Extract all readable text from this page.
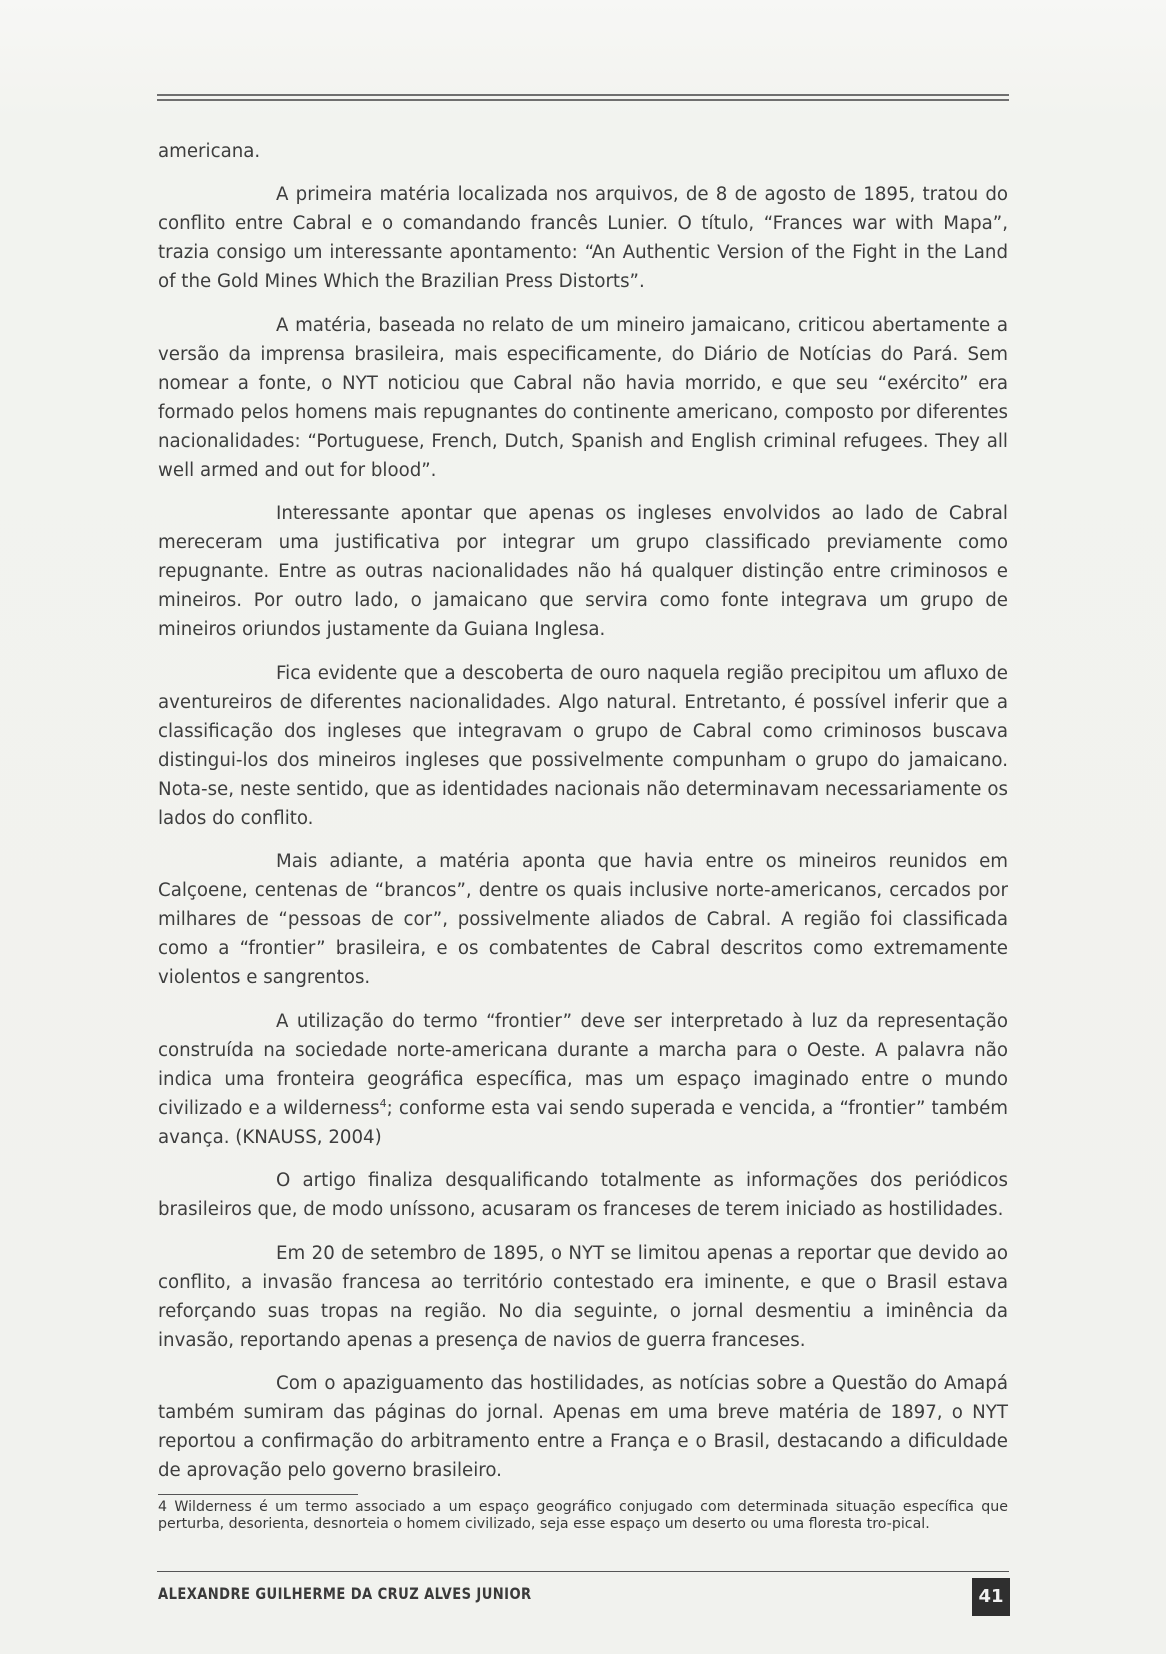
americana.

A primeira matéria localizada nos arquivos, de 8 de agosto de 1895, tratou do conflito entre Cabral e o comandando francês Lunier. O título, “Frances war with Mapa”, trazia consigo um interessante apontamento: “An Authentic Version of the Fight in the Land of the Gold Mines Which the Brazilian Press Distorts”.

A matéria, baseada no relato de um mineiro jamaicano, criticou abertamente a versão da imprensa brasileira, mais especificamente, do Diário de Notícias do Pará. Sem nomear a fonte, o NYT noticiou que Cabral não havia morrido, e que seu “exército” era formado pelos homens mais repugnantes do continente americano, composto por diferentes nacionalidades: “Portuguese, French, Dutch, Spanish and English criminal refugees. They all well armed and out for blood”.

Interessante apontar que apenas os ingleses envolvidos ao lado de Cabral mereceram uma justificativa por integrar um grupo classificado previamente como repugnante. Entre as outras nacionalidades não há qualquer distinção entre criminosos e mineiros. Por outro lado, o jamaicano que servira como fonte integrava um grupo de mineiros oriundos justamente da Guiana Inglesa.

Fica evidente que a descoberta de ouro naquela região precipitou um afluxo de aventureiros de diferentes nacionalidades. Algo natural. Entretanto, é possível inferir que a classificação dos ingleses que integravam o grupo de Cabral como criminosos buscava distingui-los dos mineiros ingleses que possivelmente compunham o grupo do jamaicano. Nota-se, neste sentido, que as identidades nacionais não determinavam necessariamente os lados do conflito.

Mais adiante, a matéria aponta que havia entre os mineiros reunidos em Calçoene, centenas de “brancos”, dentre os quais inclusive norte-americanos, cercados por milhares de “pessoas de cor”, possivelmente aliados de Cabral. A região foi classificada como a “frontier” brasileira, e os combatentes de Cabral descritos como extremamente violentos e sangrentos.

A utilização do termo “frontier” deve ser interpretado à luz da representação construída na sociedade norte-americana durante a marcha para o Oeste. A palavra não indica uma fronteira geográfica específica, mas um espaço imaginado entre o mundo civilizado e a wilderness$^4$; conforme esta vai sendo superada e vencida, a “frontier” também avança. (KNAUSS, 2004)

O artigo finaliza desqualificando totalmente as informações dos periódicos brasileiros que, de modo uníssono, acusaram os franceses de terem iniciado as hostilidades.

Em 20 de setembro de 1895, o NYT se limitou apenas a reportar que devido ao conflito, a invasão francesa ao território contestado era iminente, e que o Brasil estava reforçando suas tropas na região. No dia seguinte, o jornal desmentiu a iminência da invasão, reportando apenas a presença de navios de guerra franceses.

Com o apaziguamento das hostilidades, as notícias sobre a Questão do Amapá também sumiram das páginas do jornal. Apenas em uma breve matéria de 1897, o NYT reportou a confirmação do arbitramento entre a França e o Brasil, destacando a dificuldade de aprovação pelo governo brasileiro.

4 Wilderness é um termo associado a um espaço geográfico conjugado com determinada situação específica que perturba, desorienta, desnorteia o homem civilizado, seja esse espaço um deserto ou uma floresta tro-pical.
ALEXANDRE GUILHERME DA CRUZ ALVES JUNIOR	41
